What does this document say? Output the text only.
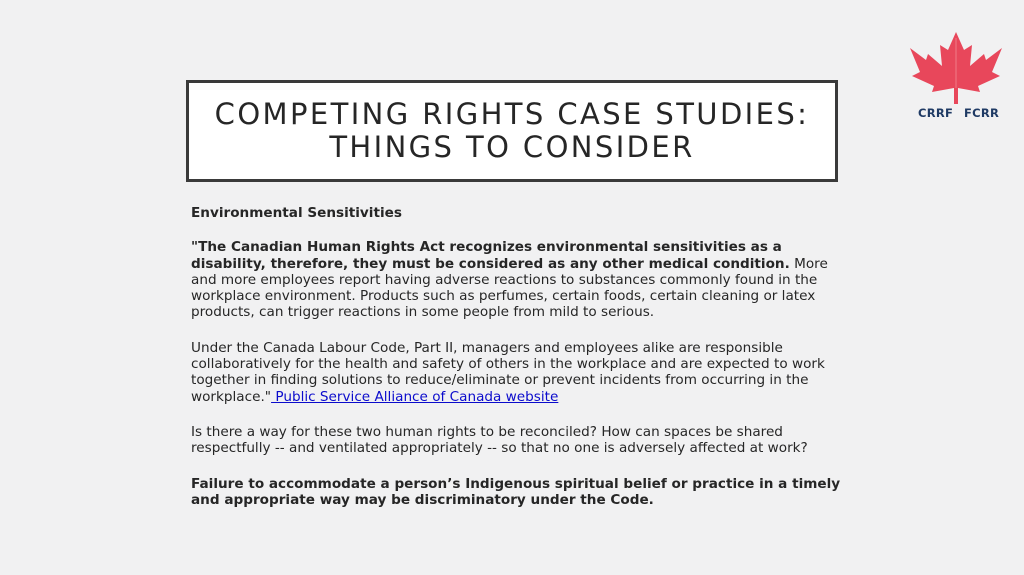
COMPETING RIGHTS CASE STUDIES:
THINGS TO CONSIDER
CRRF FCRR

Environmental Sensitivities

"The Canadian Human Rights Act recognizes environmental sensitivities as a disability, therefore, they must be considered as any other medical condition. More and more employees report having adverse reactions to substances commonly found in the workplace environment. Products such as perfumes, certain foods, certain cleaning or latex products, can trigger reactions in some people from mild to serious.

Under the Canada Labour Code, Part II, managers and employees alike are responsible collaboratively for the health and safety of others in the workplace and are expected to work together in finding solutions to reduce/eliminate or prevent incidents from occurring in the workplace." Public Service Alliance of Canada website

Is there a way for these two human rights to be reconciled? How can spaces be shared respectfully -- and ventilated appropriately -- so that no one is adversely affected at work?

Failure to accommodate a person’s Indigenous spiritual belief or practice in a timely and appropriate way may be discriminatory under the Code.
